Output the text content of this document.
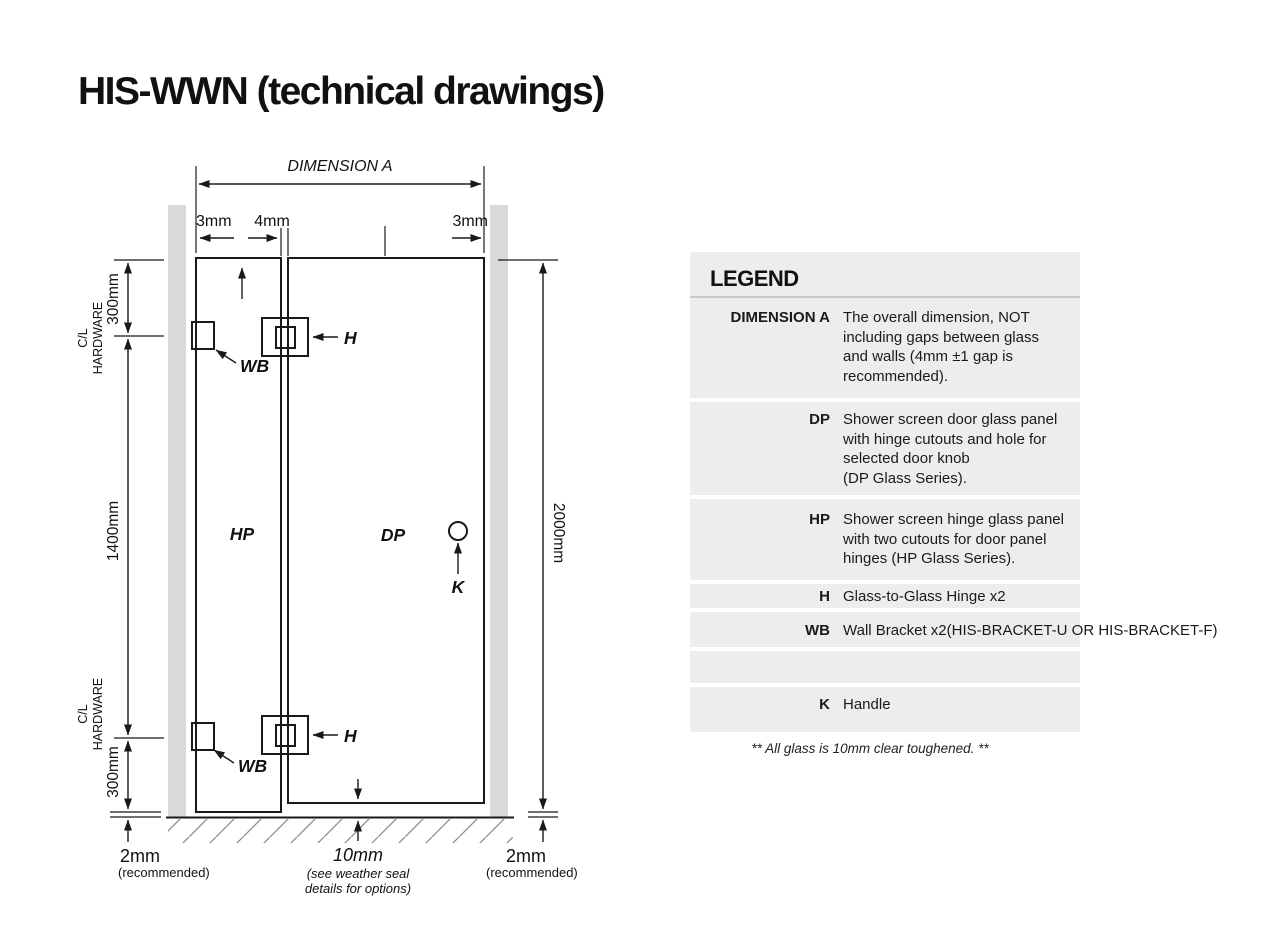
HIS-WWN (technical drawings)
DIMENSION A
3mm 4mm	3mm
C/L HARDWARE
300mm
1400mm
C/L HARDWARE
300mm
2000mm
HP	DP
K
WB
WB
H
H
10mm
(see weather seal
details for options)
2mm
(recommended)
2mm
(recommended)
LEGEND
DIMENSION A The overall dimension, NOT
including gaps between glass
and walls (4mm ±1 gap is
recommended).
DP Shower screen door glass panel
with hinge cutouts and hole for
selected door knob
(DP Glass Series).
HP Shower screen hinge glass panel
with two cutouts for door panel
hinges (HP Glass Series).
H Glass-to-Glass Hinge x2
WB Wall Bracket x2(HIS-BRACKET-U OR HIS-BRACKET-F)
K Handle
** All glass is 10mm clear toughened. **
